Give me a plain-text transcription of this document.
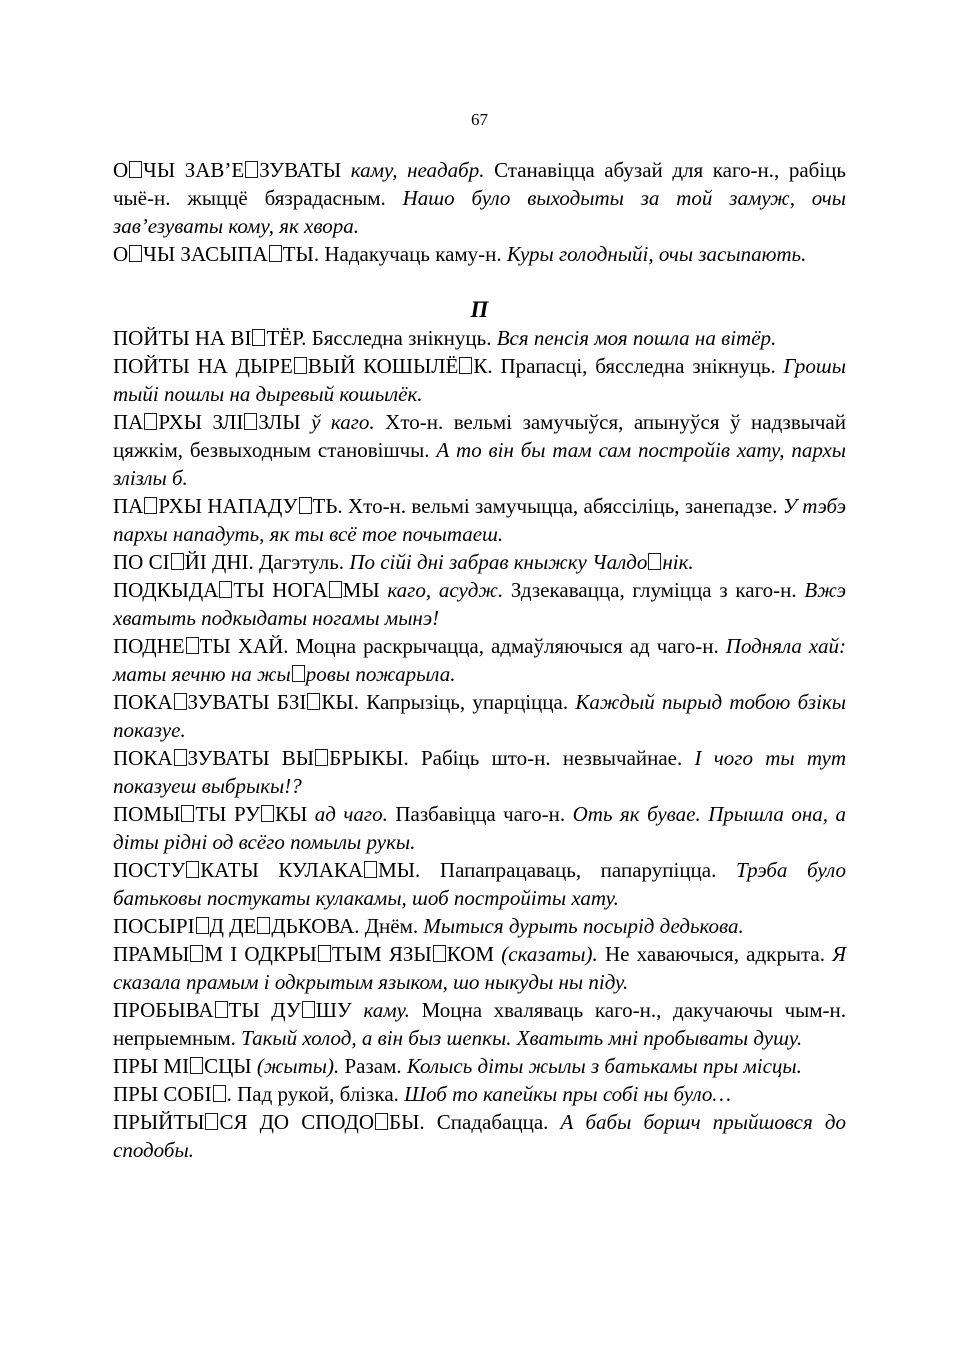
67

О ЧЫ ЗАВ’Е ЗУВАТЫ каму, неадабр. Станавіцца абузай для каго-н., рабіць чыё-н. жыццё бязрадасным. Нашо було выходыты за той замуж, очы зав’езуваты кому, як хвора.

О ЧЫ ЗАСЫПА ТЫ. Надакучаць каму-н. Куры голодныйі, очы засыпають.

П

ПОЙТЫ НА ВІ ТЁР. Бясследна знікнуць. Вся пенсія моя пошла на вітёр.

ПОЙТЫ НА ДЫРЕ ВЫЙ КОШЫЛЁ К. Прапасці, бясследна знікнуць. Грошы тыйі пошлы на дыревый кошылёк.

ПА РХЫ ЗЛІ ЗЛЫ ў каго. Хто-н. вельмі замучыўся, апынуўся ў надзвычай цяжкім, безвыходным становішчы. А то він бы там сам постройів хату, пархы злізлы б.

ПА РХЫ НАПАДУ ТЬ. Хто-н. вельмі замучыцца, абяссіліць, занепадзе. У тэбэ пархы нападуть, як ты всё тое почытаеш.

ПО СІ ЙІ ДНІ. Дагэтуль. По сійі дні забрав кныжку Чалдо нік.

ПОДКЫДА ТЫ НОГА МЫ каго, асудж. Здзекавацца, глуміцца з каго-н. Вжэ хватыть подкыдаты ногамы мынэ!

ПОДНЕ ТЫ ХАЙ. Моцна раскрычацца, адмаўляючыся ад чаго-н. Подняла хай: маты яечню на жы ровы пожарыла.

ПОКА ЗУВАТЫ БЗІ КЫ. Капрызіць, упарціцца. Каждый пырыд тобою бзікы показуе.

ПОКА ЗУВАТЫ ВЫ БРЫКЫ. Рабіць што-н. незвычайнае. І чого ты тут показуеш выбрыкы!?

ПОМЫ ТЫ РУ КЫ ад чаго. Пазбавіцца чаго-н. Оть як бувае. Прышла она, а діты рідні од всёго помылы рукы.

ПОСТУ КАТЫ КУЛАКА МЫ. Папапрацаваць, папарупіцца. Трэба було батьковы постукаты кулакамы, шоб постройіты хату.

ПОСЫРІ Д ДЕ ДЬКОВА. Днём. Мытыся дурыть посырід дедькова.

ПРАМЫ М І ОДКРЫ ТЫМ ЯЗЫ КОМ (сказаты). Не хаваючыся, адкрыта. Я сказала прамым і одкрытым языком, шо ныкуды ны піду.

ПРОБЫВА ТЫ ДУ ШУ каму. Моцна хваляваць каго-н., дакучаючы чым-н. непрыемным. Такый холод, а він быз шепкы. Хватыть мні пробываты душу.

ПРЫ МІ СЦЫ (жыты). Разам. Колысь діты жылы з батькамы пры місцы.

ПРЫ СОБІ . Пад рукой, блізка. Шоб то капейкы пры собі ны було…

ПРЫЙТЫ СЯ ДО СПОДО БЫ. Спадабацца. А бабы боршч прыйшовся до сподобы.
